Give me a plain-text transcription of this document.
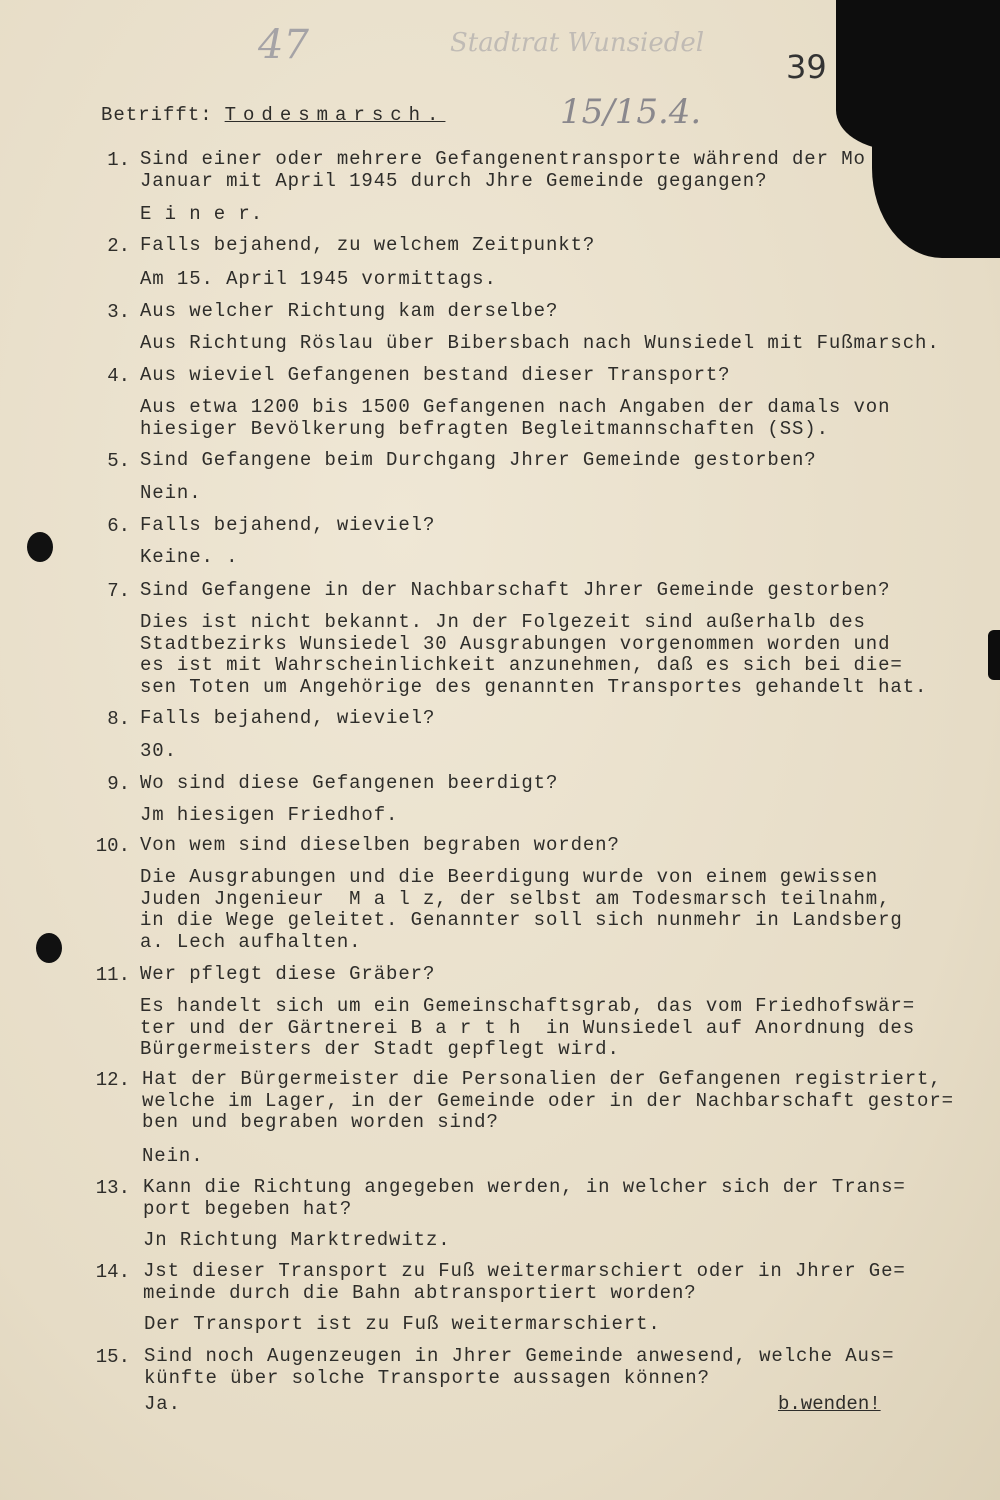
47	Stadtrat Wunsiedel
15/15.4.
39
Betrifft: Todesmarsch.
1. Sind einer oder mehrere Gefangenentransporte während der Mo
Januar mit April 1945 durch Jhre Gemeinde gegangen?
E i n e r.
2. Falls bejahend, zu welchem Zeitpunkt?
Am 15. April 1945 vormittags.
3. Aus welcher Richtung kam derselbe?
Aus Richtung Röslau über Bibersbach nach Wunsiedel mit Fußmarsch.
4. Aus wieviel Gefangenen bestand dieser Transport?
Aus etwa 1200 bis 1500 Gefangenen nach Angaben der damals von
hiesiger Bevölkerung befragten Begleitmannschaften (SS).
5. Sind Gefangene beim Durchgang Jhrer Gemeinde gestorben?
Nein.
6. Falls bejahend, wieviel?
Keine. .
7. Sind Gefangene in der Nachbarschaft Jhrer Gemeinde gestorben?
Dies ist nicht bekannt. Jn der Folgezeit sind außerhalb des
Stadtbezirks Wunsiedel 30 Ausgrabungen vorgenommen worden und
es ist mit Wahrscheinlichkeit anzunehmen, daß es sich bei die=
sen Toten um Angehörige des genannten Transportes gehandelt hat.
8. Falls bejahend, wieviel?
30.
9. Wo sind diese Gefangenen beerdigt?
Jm hiesigen Friedhof.
10. Von wem sind dieselben begraben worden?
Die Ausgrabungen und die Beerdigung wurde von einem gewissen
Juden Jngenieur  M a l z, der selbst am Todesmarsch teilnahm,
in die Wege geleitet. Genannter soll sich nunmehr in Landsberg
a. Lech aufhalten.
11. Wer pflegt diese Gräber?
Es handelt sich um ein Gemeinschaftsgrab, das vom Friedhofswär=
ter und der Gärtnerei B a r t h  in Wunsiedel auf Anordnung des
Bürgermeisters der Stadt gepflegt wird.
12. Hat der Bürgermeister die Personalien der Gefangenen registriert,
welche im Lager, in der Gemeinde oder in der Nachbarschaft gestor=
ben und begraben worden sind?
Nein.
13. Kann die Richtung angegeben werden, in welcher sich der Trans=
port begeben hat?
Jn Richtung Marktredwitz.
14. Jst dieser Transport zu Fuß weitermarschiert oder in Jhrer Ge=
meinde durch die Bahn abtransportiert worden?
Der Transport ist zu Fuß weitermarschiert.
15. Sind noch Augenzeugen in Jhrer Gemeinde anwesend, welche Aus=
künfte über solche Transporte aussagen können?
Ja.	b.wenden!
